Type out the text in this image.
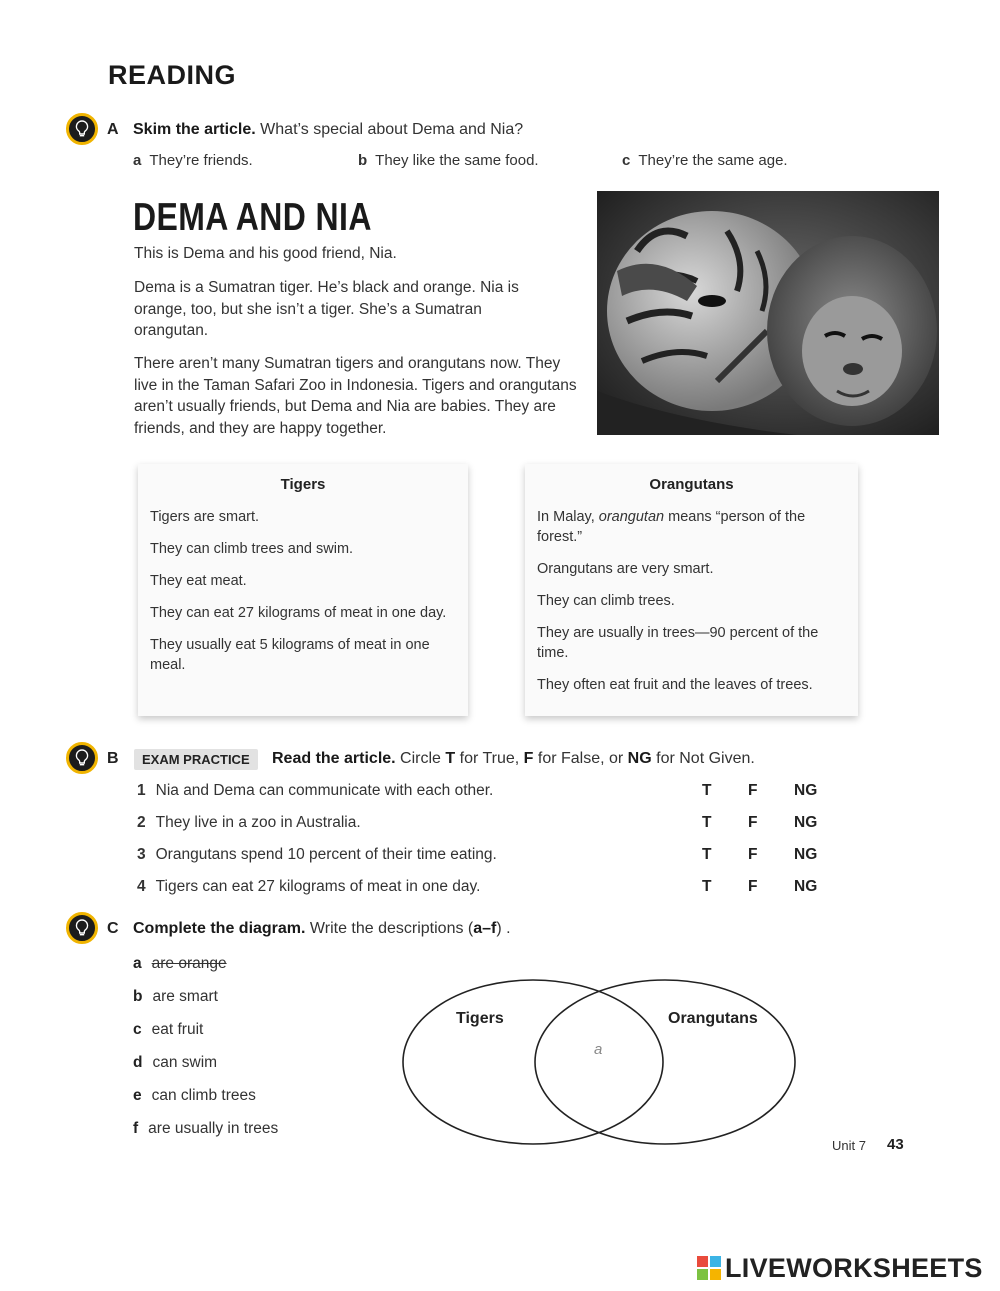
READING
A Skim the article. What’s special about Dema and Nia?
a They’re friends.	b They like the same food.	c They’re the same age.
DEMA AND NIA
This is Dema and his good friend, Nia.
Dema is a Sumatran tiger. He’s black and orange. Nia is orange, too, but she isn’t a tiger. She’s a Sumatran orangutan.
There aren’t many Sumatran tigers and orangutans now. They live in the Taman Safari Zoo in Indonesia. Tigers and orangutans aren’t usually friends, but Dema and Nia are babies. They are friends, and they are happy together.
Tigers
Tigers are smart.
They can climb trees and swim.
They eat meat.
They can eat 27 kilograms of meat in one day.
They usually eat 5 kilograms of meat in one meal.
Orangutans
In Malay, orangutan means “person of the forest.”
Orangutans are very smart.
They can climb trees.
They are usually in trees—90 percent of the time.
They often eat fruit and the leaves of trees.
B	EXAM PRACTICE	Read the article. Circle T for True, F for False, or NG for Not Given.
1 Nia and Dema can communicate with each other.	T F NG
2 They live in a zoo in Australia.	T F NG
3 Orangutans spend 10 percent of their time eating.	T F NG
4 Tigers can eat 27 kilograms of meat in one day.	T F NG
C Complete the diagram. Write the descriptions (a–f) .
a are orange
b are smart
c eat fruit
d can swim
e can climb trees
f are usually in trees
Tigers	Orangutans
a
Unit 7 43
LIVEWORKSHEETS
